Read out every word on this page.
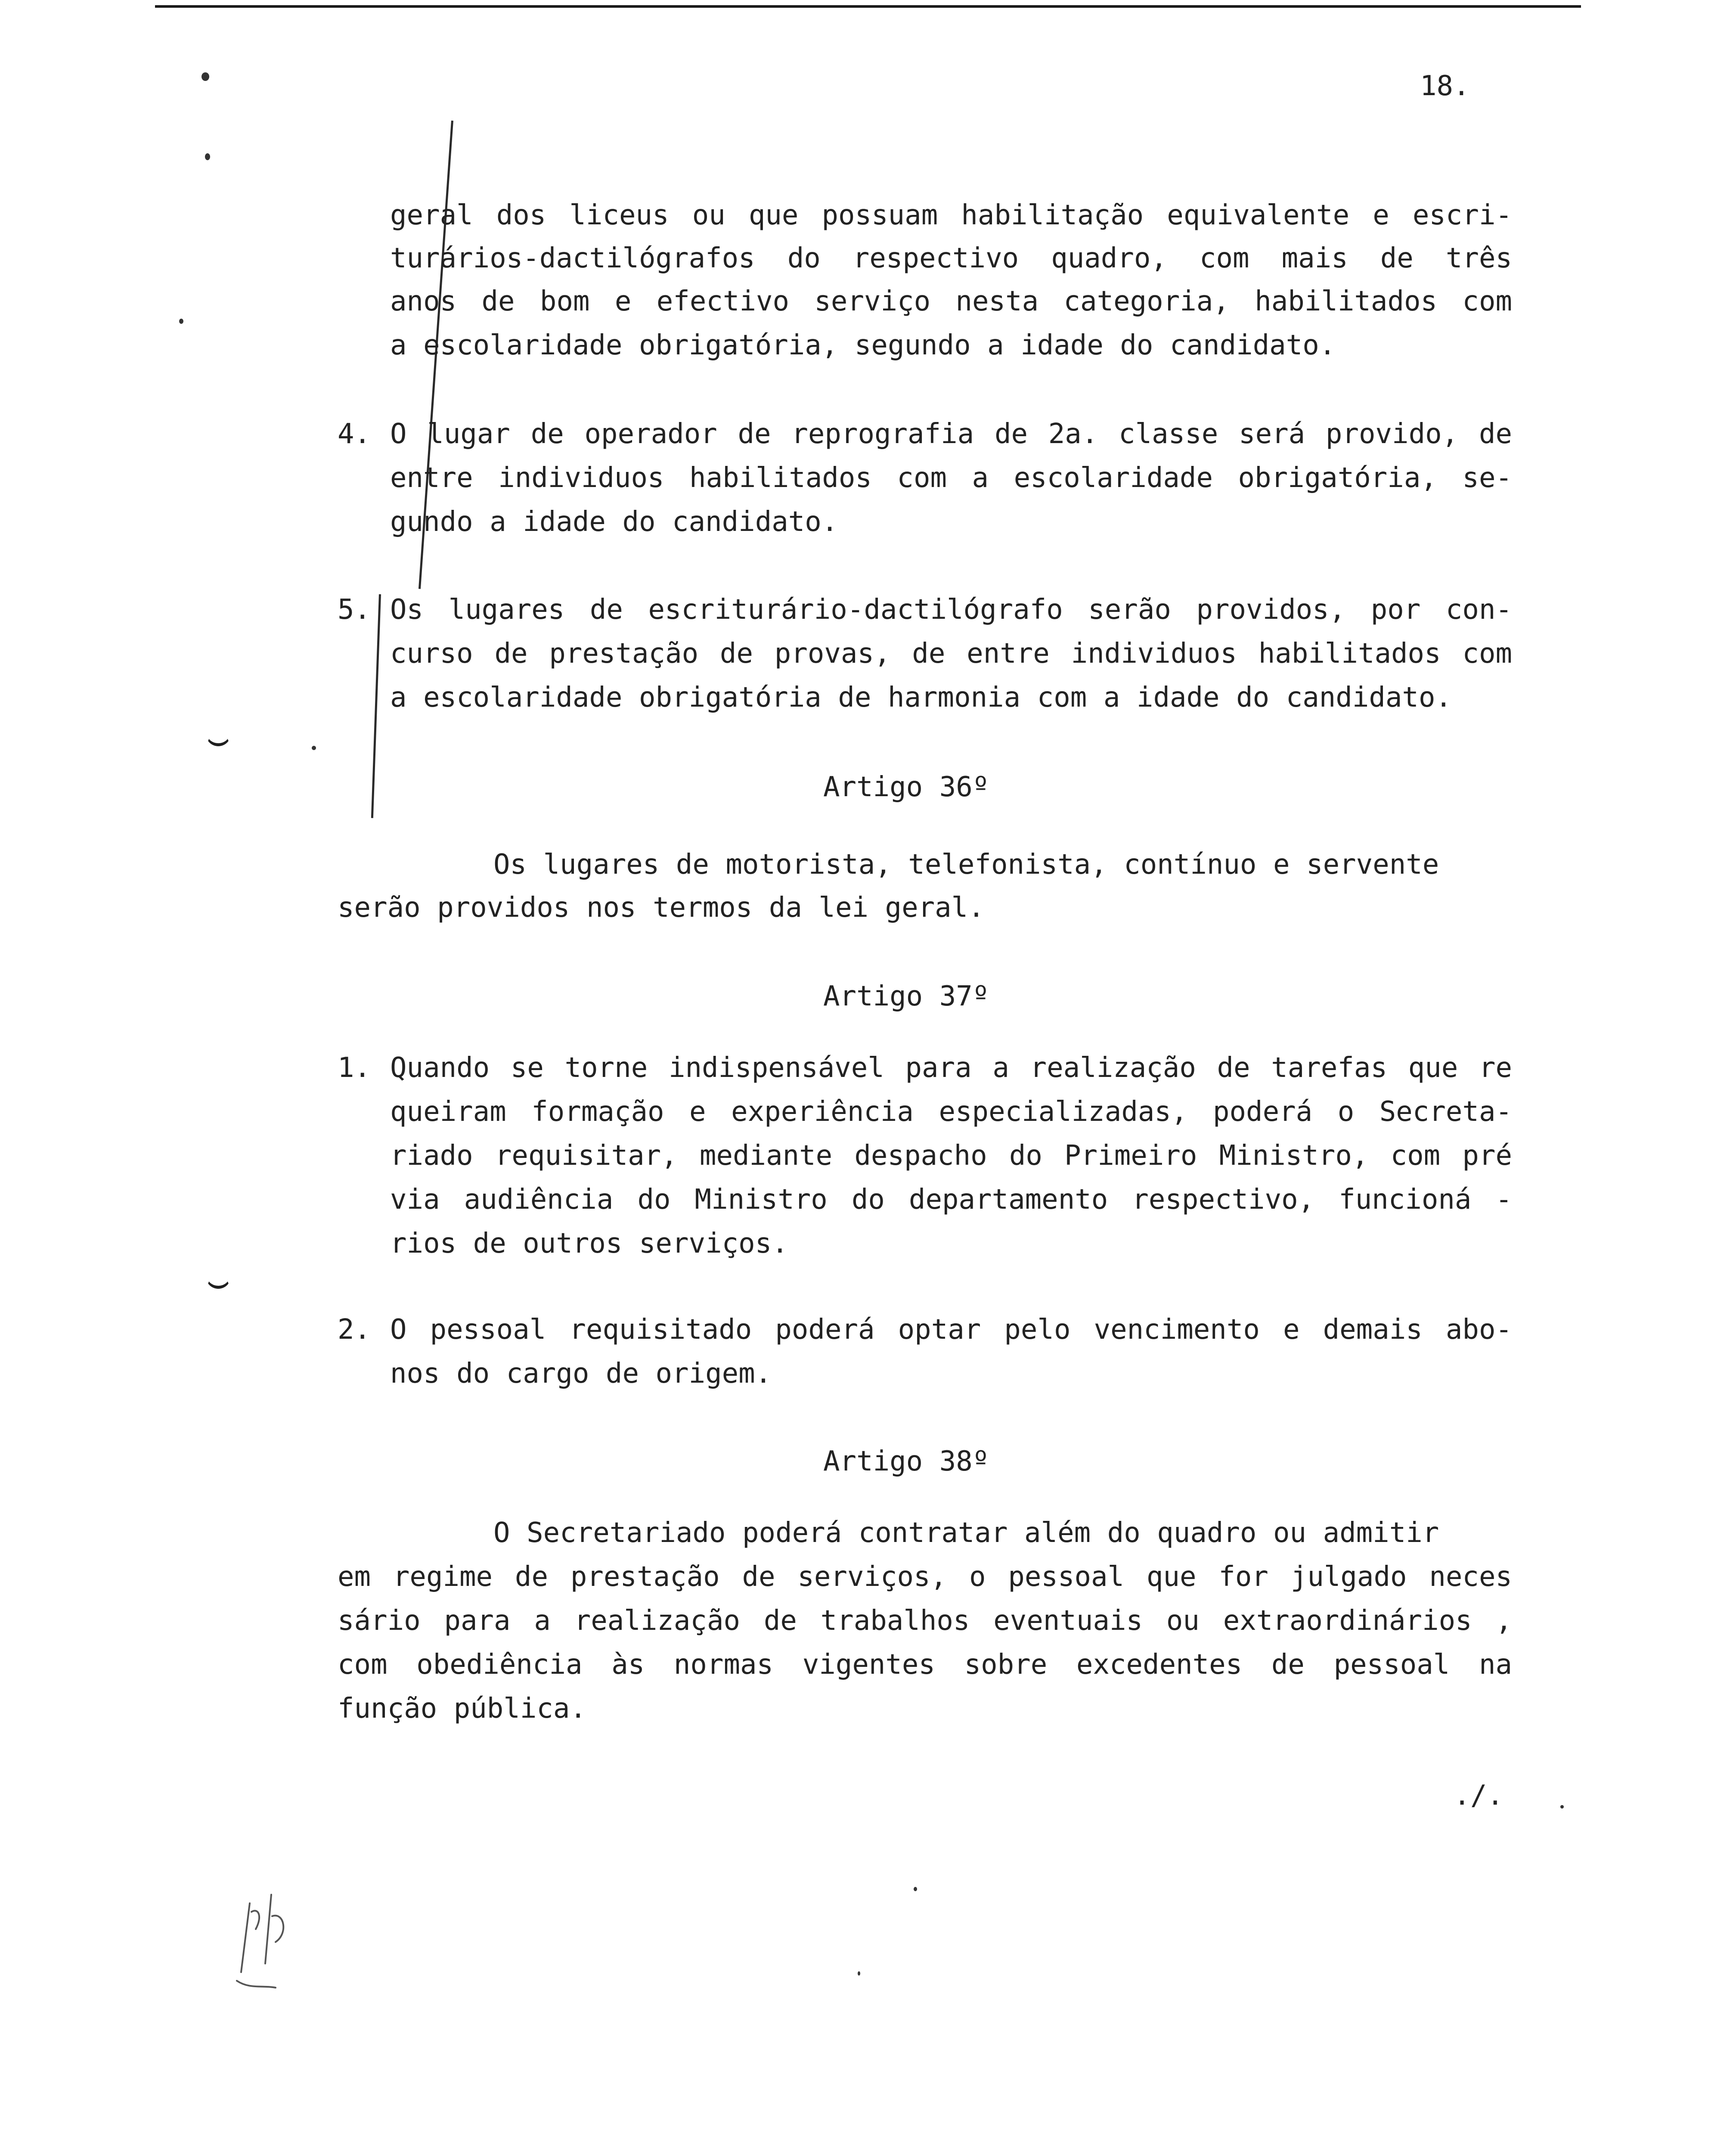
18.
geral dos liceus ou que possuam habilitação equivalente e escri-
turários-dactilógrafos do respectivo quadro, com mais de três
anos de bom e efectivo serviço nesta categoria, habilitados com
a escolaridade obrigatória, segundo a idade do candidato.
4. O lugar de operador de reprografia de 2a. classe será provido, de
entre individuos habilitados com a escolaridade obrigatória, se-
gundo a idade do candidato.
5. Os lugares de escriturário-dactilógrafo serão providos, por con-
curso de prestação de provas, de entre individuos habilitados com
a escolaridade obrigatória de harmonia com a idade do candidato.
Artigo 36º
Os lugares de motorista, telefonista, contínuo e servente
serão providos nos termos da lei geral.
Artigo 37º
1. Quando se torne indispensável para a realização de tarefas que re
queiram formação e experiência especializadas, poderá o Secreta-
riado requisitar, mediante despacho do Primeiro Ministro, com pré
via audiência do Ministro do departamento respectivo, funcioná -
rios de outros serviços.
2. O pessoal requisitado poderá optar pelo vencimento e demais abo-
nos do cargo de origem.
Artigo 38º
O Secretariado poderá contratar além do quadro ou admitir
em regime de prestação de serviços, o pessoal que for julgado neces
sário para a realização de trabalhos eventuais ou extraordinários ,
com obediência às normas vigentes sobre excedentes de pessoal na
função pública.
./.
